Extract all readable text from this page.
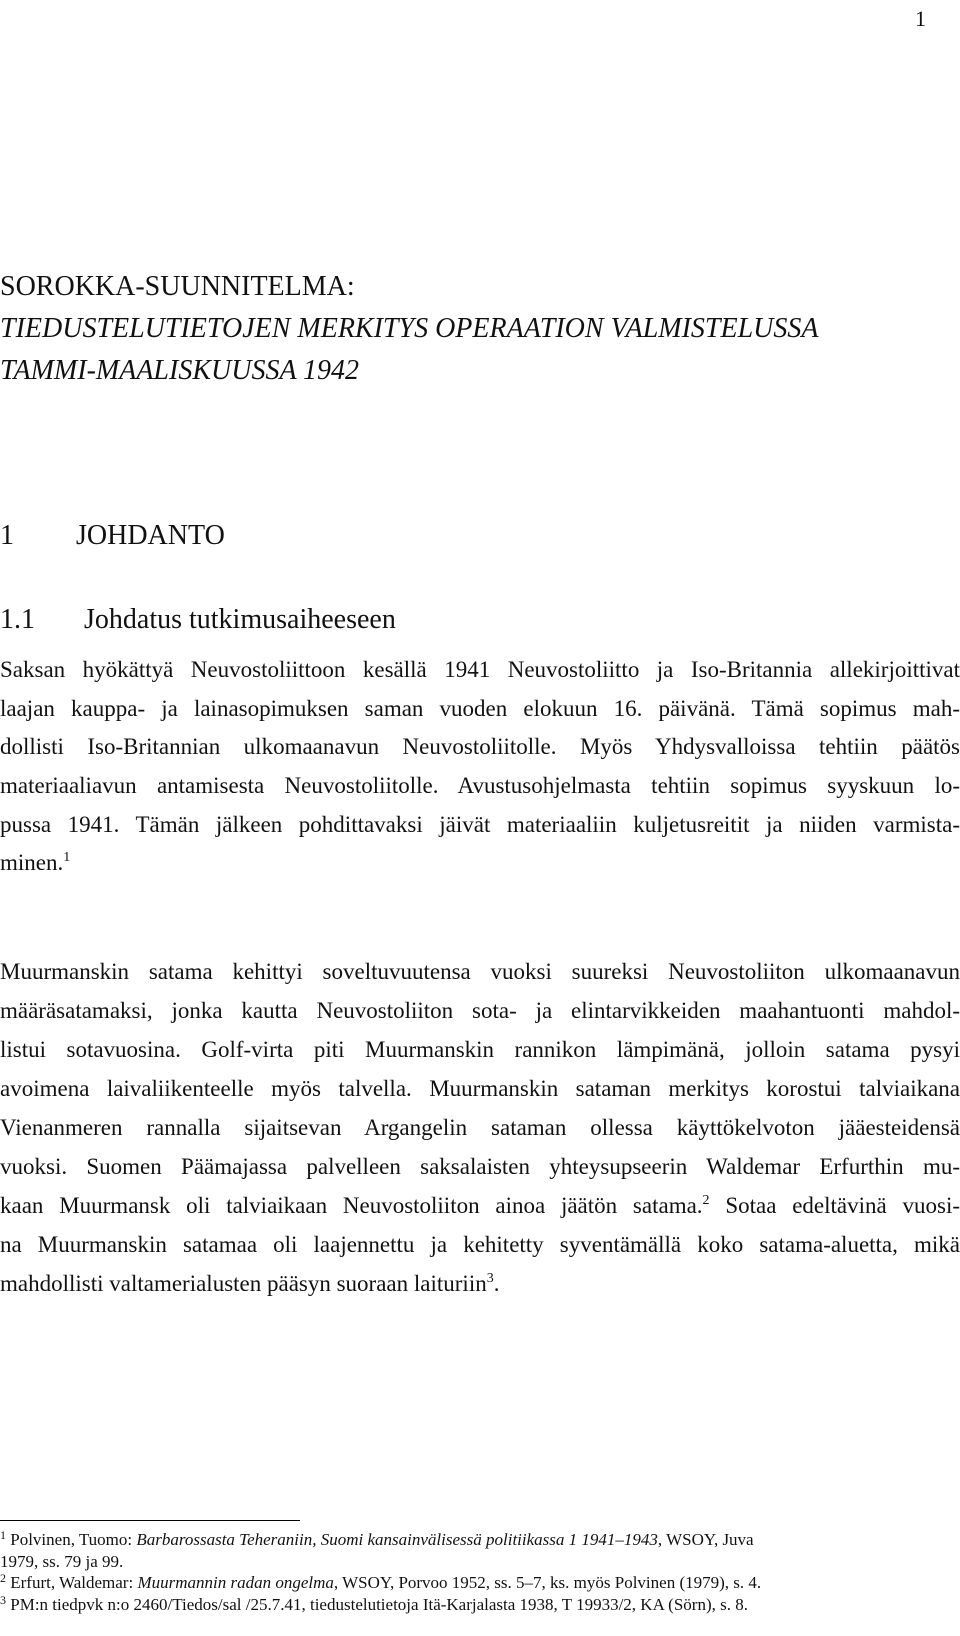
1

SOROKKA-SUUNNITELMA:

TIEDUSTELUTIETOJEN MERKITYS OPERAATION VALMISTELUSSA

TAMMI-MAALISKUUSSA 1942

1 JOHDANTO
1.1 Johdatus tutkimusaiheeseen
Saksan hyökättyä Neuvostoliittoon kesällä 1941 Neuvostoliitto ja Iso-Britannia allekirjoittivat
laajan kauppa- ja lainasopimuksen saman vuoden elokuun 16. päivänä. Tämä sopimus mah-
dollisti Iso-Britannian ulkomaanavun Neuvostoliitolle. Myös Yhdysvalloissa tehtiin päätös
materiaaliavun antamisesta Neuvostoliitolle. Avustusohjelmasta tehtiin sopimus syyskuun lo-
pussa 1941. Tämän jälkeen pohdittavaksi jäivät materiaaliin kuljetusreitit ja niiden varmista-
minen.$^1$
Muurmanskin satama kehittyi soveltuvuutensa vuoksi suureksi Neuvostoliiton ulkomaanavun
määräsatamaksi, jonka kautta Neuvostoliiton sota- ja elintarvikkeiden maahantuonti mahdol-
listui sotavuosina. Golf-virta piti Muurmanskin rannikon lämpimänä, jolloin satama pysyi
avoimena laivaliikenteelle myös talvella. Muurmanskin sataman merkitys korostui talviaikana
Vienanmeren rannalla sijaitsevan Argangelin sataman ollessa käyttökelvoton jääesteidensä
vuoksi. Suomen Päämajassa palvelleen saksalaisten yhteysupseerin Waldemar Erfurthin mu-
kaan Muurmansk oli talviaikaan Neuvostoliiton ainoa jäätön satama.$^2$ Sotaa edeltävinä vuosi-
na Muurmanskin satamaa oli laajennettu ja kehitetty syventämällä koko satama-aluetta, mikä
mahdollisti valtamerialusten pääsyn suoraan laituriin$^3$.
$^1$ Polvinen, Tuomo: Barbarossasta Teheraniin, Suomi kansainvälisessä politiikassa 1 1941–1943, WSOY, Juva
1979, ss. 79 ja 99.
$^2$ Erfurt, Waldemar: Muurmannin radan ongelma, WSOY, Porvoo 1952, ss. 5–7, ks. myös Polvinen (1979), s. 4.
$^3$ PM:n tiedpvk n:o 2460/Tiedos/sal /25.7.41, tiedustelutietoja Itä-Karjalasta 1938, T 19933/2, KA (Sörn), s. 8.
